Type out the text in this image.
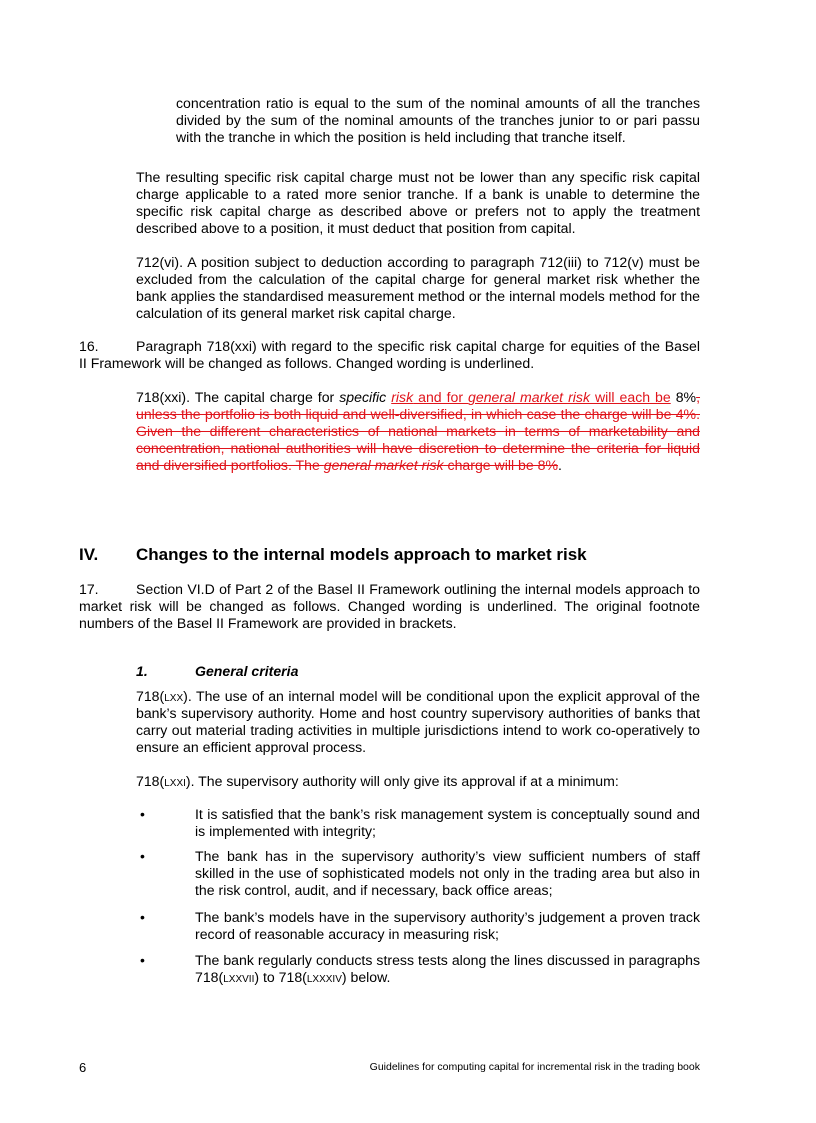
concentration ratio is equal to the sum of the nominal amounts of all the tranches divided by the sum of the nominal amounts of the tranches junior to or pari passu with the tranche in which the position is held including that tranche itself.

The resulting specific risk capital charge must not be lower than any specific risk capital charge applicable to a rated more senior tranche. If a bank is unable to determine the specific risk capital charge as described above or prefers not to apply the treatment described above to a position, it must deduct that position from capital.

712(vi). A position subject to deduction according to paragraph 712(iii) to 712(v) must be excluded from the calculation of the capital charge for general market risk whether the bank applies the standardised measurement method or the internal models method for the calculation of its general market risk capital charge.

16.	Paragraph 718(xxi) with regard to the specific risk capital charge for equities of the Basel II Framework will be changed as follows. Changed wording is underlined.

718(xxi). The capital charge for specific risk and for general market risk will each be 8%, unless the portfolio is both liquid and well-diversified, in which case the charge will be 4%. Given the different characteristics of national markets in terms of marketability and concentration, national authorities will have discretion to determine the criteria for liquid and diversified portfolios. The general market risk charge will be 8%.

IV. Changes to the internal models approach to market risk
17.	Section VI.D of Part 2 of the Basel II Framework outlining the internal models approach to market risk will be changed as follows. Changed wording is underlined. The original footnote numbers of the Basel II Framework are provided in brackets.

1.	General criteria

718(lxx). The use of an internal model will be conditional upon the explicit approval of the bank’s supervisory authority. Home and host country supervisory authorities of banks that carry out material trading activities in multiple jurisdictions intend to work co-operatively to ensure an efficient approval process.

718(lxxi). The supervisory authority will only give its approval if at a minimum:

•	It is satisfied that the bank’s risk management system is conceptually sound and is implemented with integrity;

•	The bank has in the supervisory authority’s view sufficient numbers of staff skilled in the use of sophisticated models not only in the trading area but also in the risk control, audit, and if necessary, back office areas;

•	The bank’s models have in the supervisory authority’s judgement a proven track record of reasonable accuracy in measuring risk;

•	The bank regularly conducts stress tests along the lines discussed in paragraphs 718(lxxvii) to 718(lxxxiv) below.

6	Guidelines for computing capital for incremental risk in the trading book
